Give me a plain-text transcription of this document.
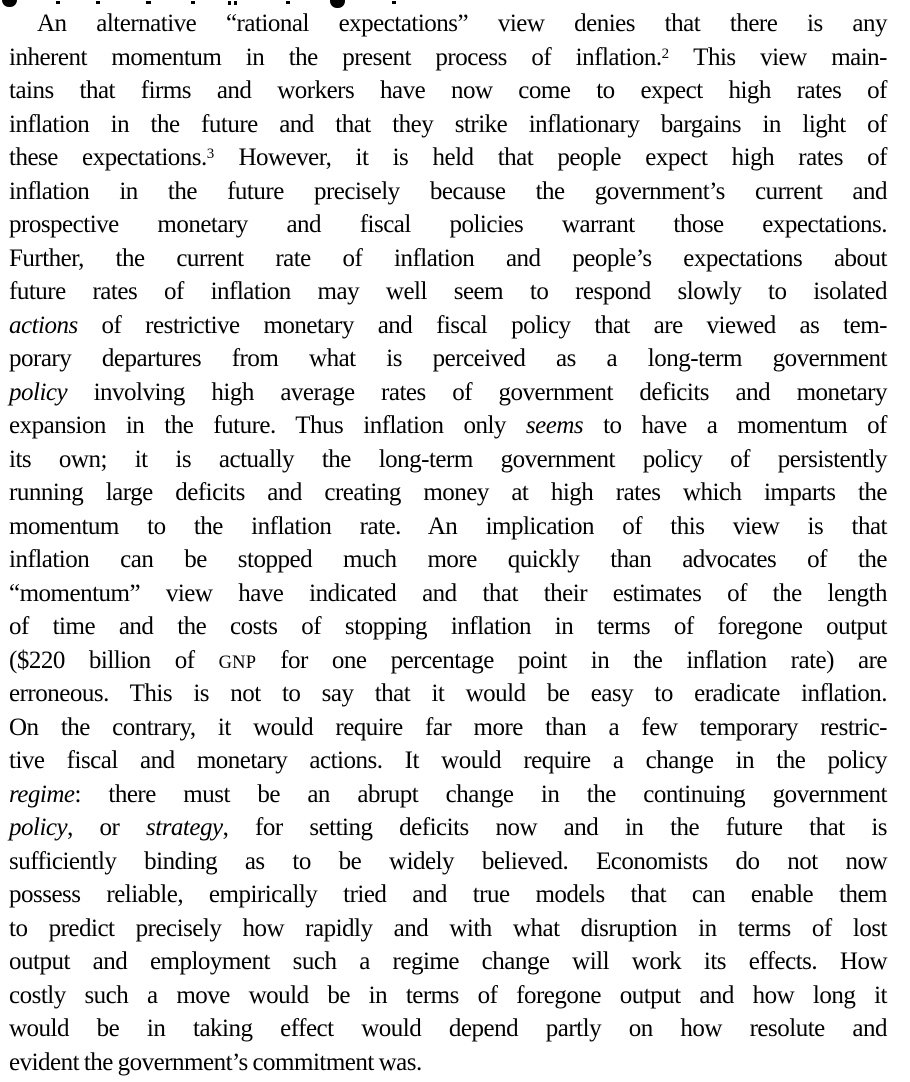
An alternative “rational expectations” view denies that there is any
inherent momentum in the present process of inflation.$^2$ This view main-
tains that firms and workers have now come to expect high rates of
inflation in the future and that they strike inflationary bargains in light of
these expectations.$^3$ However, it is held that people expect high rates of
inflation in the future precisely because the government’s current and
prospective monetary and fiscal policies warrant those expectations.
Further, the current rate of inflation and people’s expectations about
future rates of inflation may well seem to respond slowly to isolated
actions of restrictive monetary and fiscal policy that are viewed as tem-
porary departures from what is perceived as a long-term government
policy involving high average rates of government deficits and monetary
expansion in the future. Thus inflation only seems to have a momentum of
its own; it is actually the long-term government policy of persistently
running large deficits and creating money at high rates which imparts the
momentum to the inflation rate. An implication of this view is that
inflation can be stopped much more quickly than advocates of the
“momentum” view have indicated and that their estimates of the length
of time and the costs of stopping inflation in terms of foregone output
($220 billion of GNP for one percentage point in the inflation rate) are
erroneous. This is not to say that it would be easy to eradicate inflation.
On the contrary, it would require far more than a few temporary restric-
tive fiscal and monetary actions. It would require a change in the policy
regime: there must be an abrupt change in the continuing government
policy, or strategy, for setting deficits now and in the future that is
sufficiently binding as to be widely believed. Economists do not now
possess reliable, empirically tried and true models that can enable them
to predict precisely how rapidly and with what disruption in terms of lost
output and employment such a regime change will work its effects. How
costly such a move would be in terms of foregone output and how long it
would be in taking effect would depend partly on how resolute and
evident the government’s commitment was.
